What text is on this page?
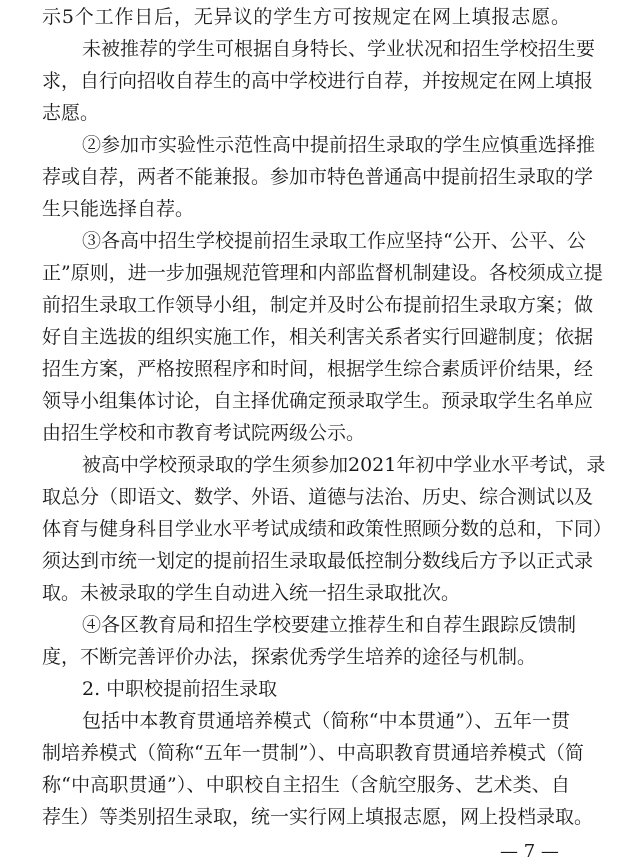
示5个工作日后，无异议的学生方可按规定在网上填报志愿。
未被推荐的学生可根据自身特长、学业状况和招生学校招生要
求，自行向招收自荐生的高中学校进行自荐，并按规定在网上填报
志愿。
②参加市实验性示范性高中提前招生录取的学生应慎重选择推
荐或自荐，两者不能兼报。参加市特色普通高中提前招生录取的学
生只能选择自荐。
③各高中招生学校提前招生录取工作应坚持“公开、公平、公
正”原则，进一步加强规范管理和内部监督机制建设。各校须成立提
前招生录取工作领导小组，制定并及时公布提前招生录取方案；做
好自主选拔的组织实施工作，相关利害关系者实行回避制度；依据
招生方案，严格按照程序和时间，根据学生综合素质评价结果，经
领导小组集体讨论，自主择优确定预录取学生。预录取学生名单应
由招生学校和市教育考试院两级公示。
被高中学校预录取的学生须参加2021年初中学业水平考试，录
取总分（即语文、数学、外语、道德与法治、历史、综合测试以及
体育与健身科目学业水平考试成绩和政策性照顾分数的总和，下同）
须达到市统一划定的提前招生录取最低控制分数线后方予以正式录
取。未被录取的学生自动进入统一招生录取批次。
④各区教育局和招生学校要建立推荐生和自荐生跟踪反馈制
度，不断完善评价办法，探索优秀学生培养的途径与机制。
2. 中职校提前招生录取
包括中本教育贯通培养模式（简称“中本贯通”）、五年一贯
制培养模式（简称“五年一贯制”）、中高职教育贯通培养模式（简
称“中高职贯通”）、中职校自主招生（含航空服务、艺术类、自
荐生）等类别招生录取，统一实行网上填报志愿，网上投档录取。
— 7 —
